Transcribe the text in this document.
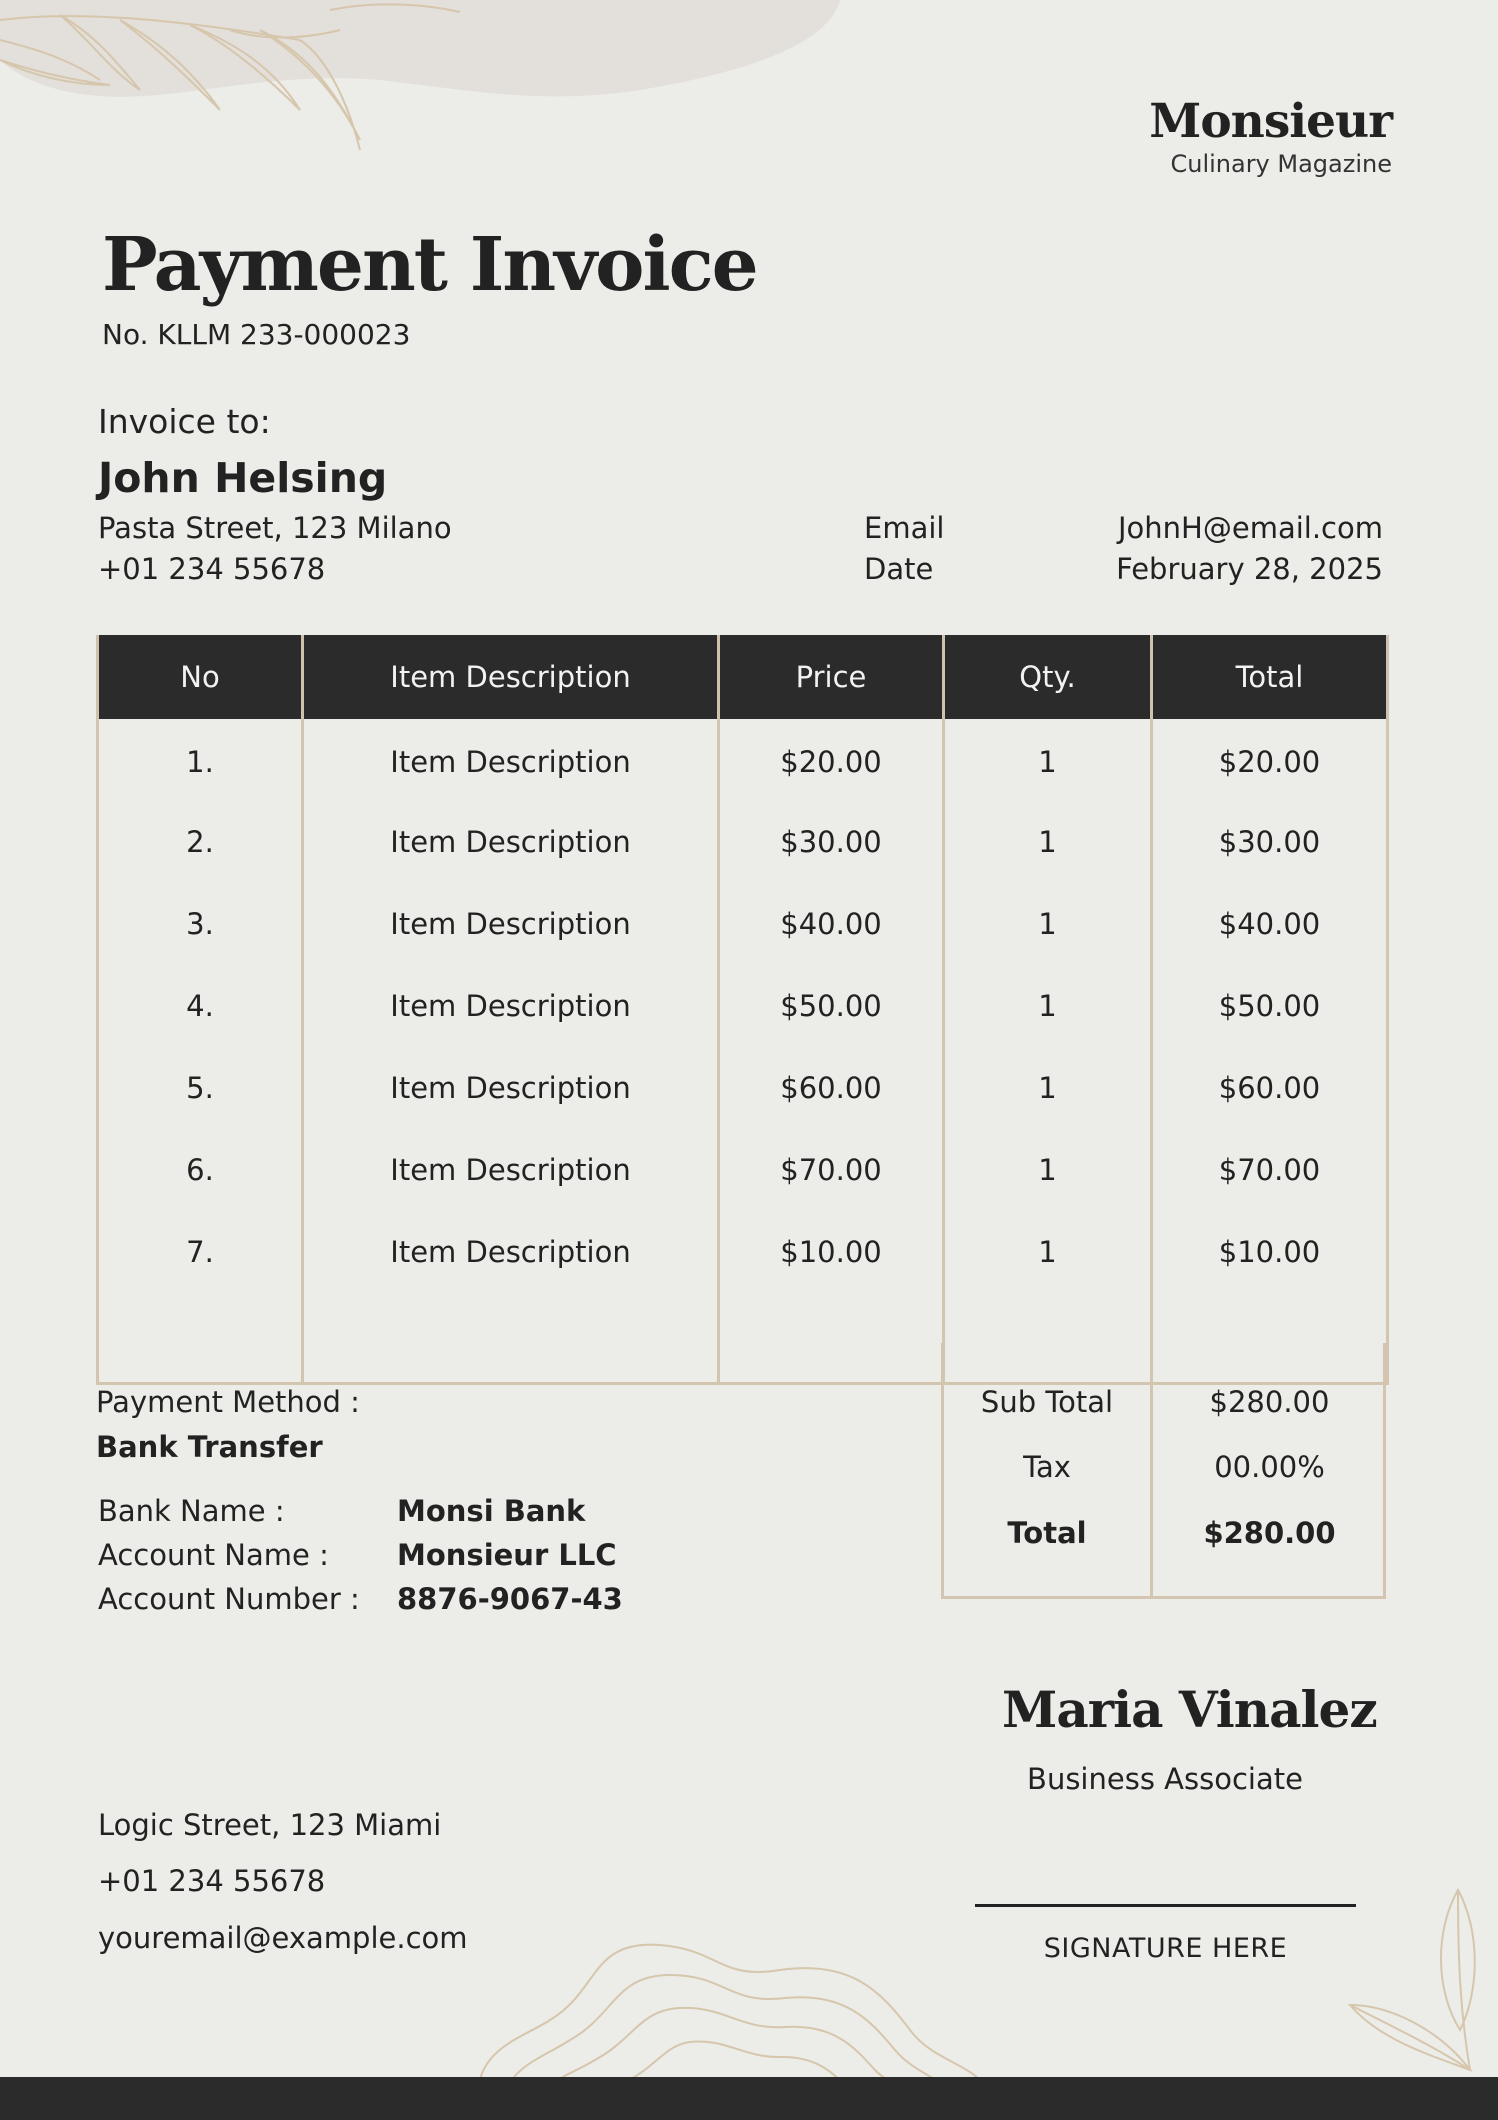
Monsieur
Culinary Magazine
Payment Invoice
No. KLLM 233-000023
Invoice to:
John Helsing
Pasta Street, 123 Milano
+01 234 55678
Email	JohnH@email.com
Date	February 28, 2025
No	Item Description	Price	Qty.	Total
1.	Item Description	$20.00	1	$20.00
2.	Item Description	$30.00	1	$30.00
3.	Item Description	$40.00	1	$40.00
4.	Item Description	$50.00	1	$50.00
5.	Item Description	$60.00	1	$60.00
6.	Item Description	$70.00	1	$70.00
7.	Item Description	$10.00	1	$10.00

Sub Total	$280.00
Tax	00.00%
Total	$280.00
Payment Method :
Bank Transfer
Bank Name :	Monsi Bank
Account Name : Monsieur LLC
Account Number : 8876-9067-43
Maria Vinalez
Business Associate
SIGNATURE HERE
Logic Street, 123 Miami
+01 234 55678
youremail@example.com
